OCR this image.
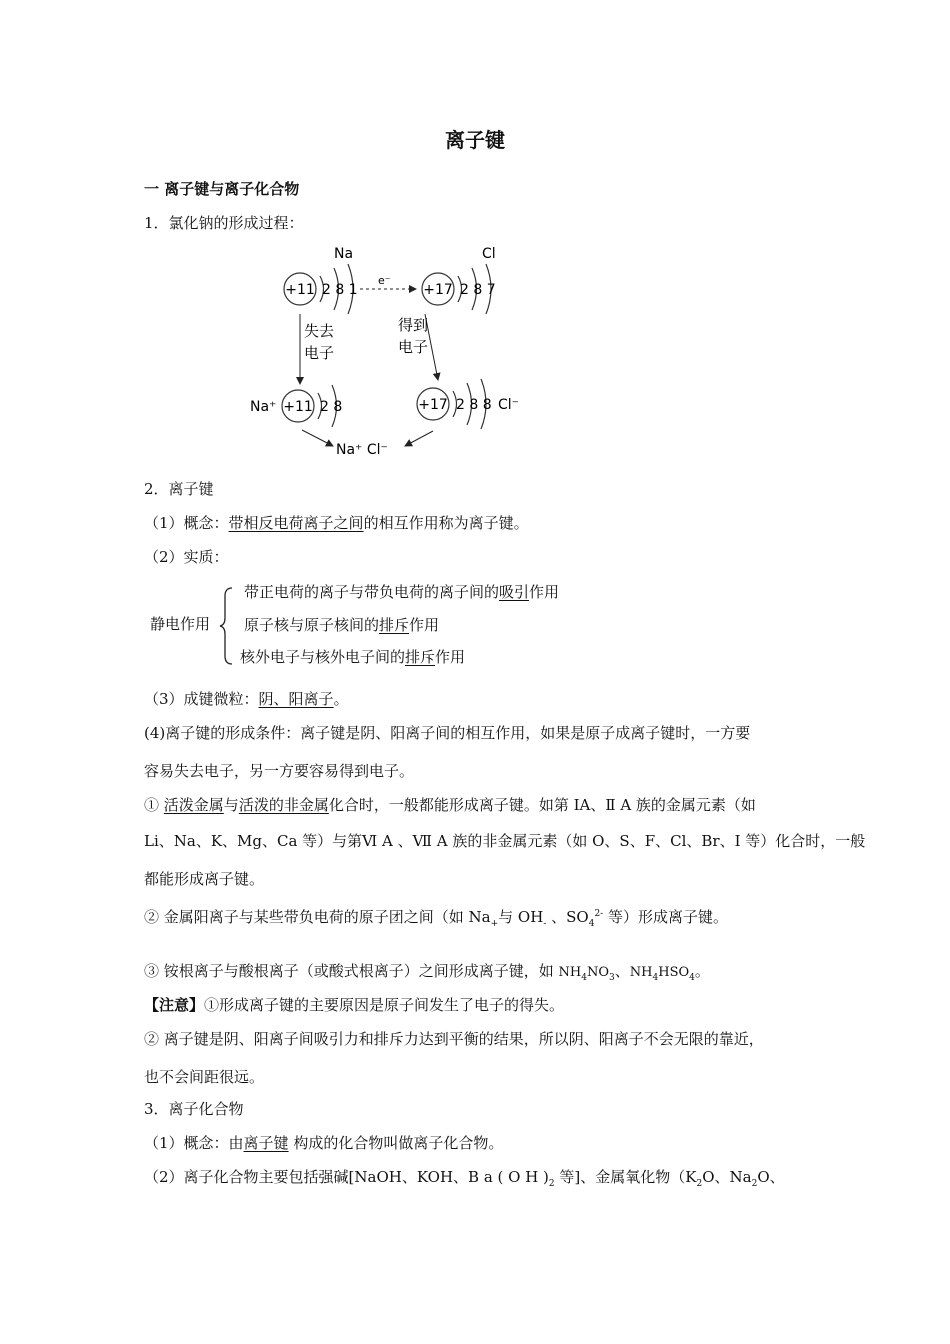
离子键
一 离子键与离子化合物
1．氯化钠的形成过程：
Na	Cl
e⁻
+11 2 8 1	+17 2 8 7
失去
电子
得到
电子
Na⁺ +11 2 8	+17 2 8 8 Cl⁻
Na⁺ Cl⁻
2．离子键
（1）概念：带相反电荷离子之间的相互作用称为离子键。
（2）实质：
静电作用
带正电荷的离子与带负电荷的离子间的吸引作用
原子核与原子核间的排斥作用
核外电子与核外电子间的排斥作用
（3）成键微粒：阴、阳离子。
(4)离子键的形成条件：离子键是阴、阳离子间的相互作用，如果是原子成离子键时，一方要
容易失去电子，另一方要容易得到电子。
① 活泼金属与活泼的非金属化合时，一般都能形成离子键。如第 IA、Ⅱ A 族的金属元素（如
Li、Na、K、Mg、Ca 等）与第Ⅵ A 、Ⅶ A 族的非金属元素（如 O、S、F、Cl、Br、I 等）化合时，一般
都能形成离子键。
② 金属阳离子与某些带负电荷的原子团之间（如 $Na_+$与 $OH_-$ 、$SO_4^{2-}$ 等）形成离子键。
③ 铵根离子与酸根离子（或酸式根离子）之间形成离子键，如 $NH_4NO_3$、$NH_4HSO_4$。
【注意】①形成离子键的主要原因是原子间发生了电子的得失。
② 离子键是阴、阳离子间吸引力和排斥力达到平衡的结果，所以阴、阳离子不会无限的靠近，
也不会间距很远。
3．离子化合物
（1）概念：由离子键 构成的化合物叫做离子化合物。
（2）离子化合物主要包括强碱[NaOH、KOH、B a ( O H )$_2$ 等]、金属氧化物（$K_2O$、$Na_2O$、
